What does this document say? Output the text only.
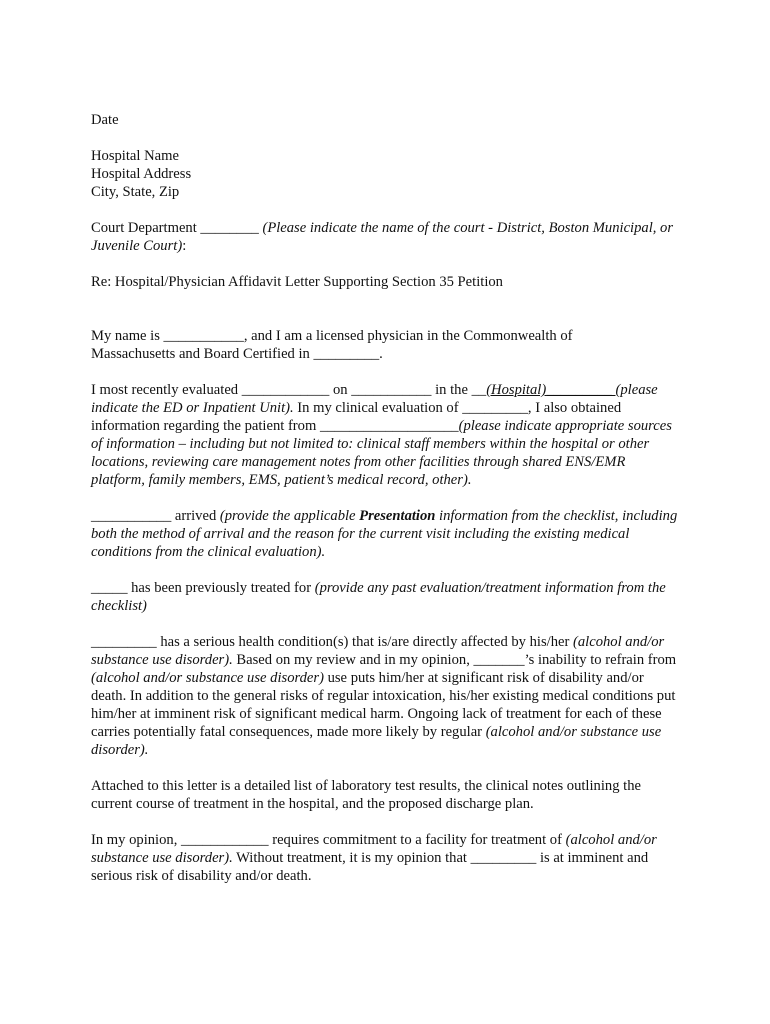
Date

Hospital Name

Hospital Address

City, State, Zip

Court Department ________ (Please indicate the name of the court - District, Boston Municipal, or Juvenile Court):

Re: Hospital/Physician Affidavit Letter Supporting Section 35 Petition

My name is ___________, and I am a licensed physician in the Commonwealth of

Massachusetts and Board Certified in _________.

I most recently evaluated ____________ on ___________ in the __(Hospital)_________ (please indicate the ED or Inpatient Unit). In my clinical evaluation of _________, I also obtained information regarding the patient from ___________________(please indicate appropriate sources of information – including but not limited to: clinical staff members within the hospital or other locations, reviewing care management notes from other facilities through shared ENS/EMR platform, family members, EMS, patient’s medical record, other).

___________ arrived (provide the applicable Presentation information from the checklist, including both the method of arrival and the reason for the current visit including the existing medical conditions from the clinical evaluation).

_____ has been previously treated for (provide any past evaluation/treatment information from the checklist)

_________ has a serious health condition(s) that is/are directly affected by his/her (alcohol and/or substance use disorder). Based on my review and in my opinion, _______’s inability to refrain from (alcohol and/or substance use disorder) use puts him/her at significant risk of disability and/or death. In addition to the general risks of regular intoxication, his/her existing medical conditions put him/her at imminent risk of significant medical harm. Ongoing lack of treatment for each of these carries potentially fatal consequences, made more likely by regular (alcohol and/or substance use disorder).

Attached to this letter is a detailed list of laboratory test results, the clinical notes outlining the current course of treatment in the hospital, and the proposed discharge plan.

In my opinion, ____________ requires commitment to a facility for treatment of (alcohol and/or substance use disorder). Without treatment, it is my opinion that _________ is at imminent and serious risk of disability and/or death.
